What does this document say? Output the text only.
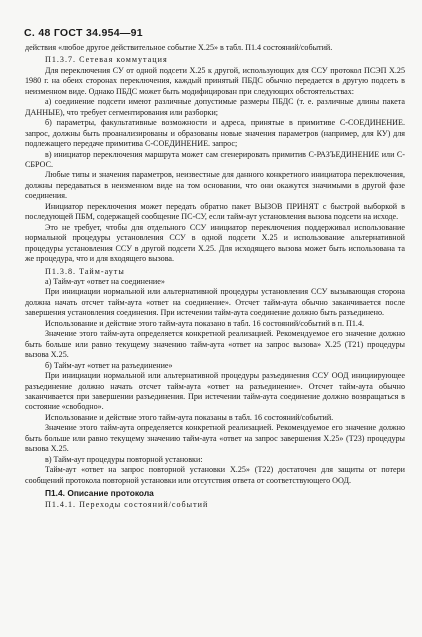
С. 48 ГОСТ 34.954—91

действия «любое другое действительное событие X.25» в табл. П1.4 состояний/событий.

П1.3.7. Сетевая коммутация

Для переключения СУ от одной подсети X.25 к другой, использующих для ССУ протокол ПСЭП X.25 1980 г. на обеих сторонах переключения, каждый принятый ПБДС обычно передается в другую подсеть в неизменном виде. Однако ПБДС может быть модифицирован при следующих обстоятельствах:

а) соединение подсети имеют различные допустимые размеры ПБДС (т. е. различные длины пакета ДАННЫЕ), что требует сегментирования или разборки;

б) параметры, факультативные возможности и адреса, принятые в примитиве С-СОЕДИНЕНИЕ. запрос, должны быть проанализированы и образованы новые значения параметров (например, для КУ) для подлежащего передаче примитива С-СОЕДИНЕНИЕ. запрос;

в) инициатор переключения маршрута может сам сгенерировать примитив С-РАЗЪЕДИНЕНИЕ или С-СБРОС.

Любые типы и значения параметров, неизвестные для данного конкретного инициатора переключения, должны передаваться в неизменном виде на том основании, что они окажутся значимыми в другой фазе соединения.

Инициатор переключения может передать обратно пакет ВЫЗОВ ПРИНЯТ с быстрой выборкой в последующей ПБМ, содержащей сообщение ПС-СУ, если тайм-аут установления вызова подсети на исходе.

Это не требует, чтобы для отдельного ССУ инициатор переключения поддерживал использование нормальной процедуры установления ССУ в одной подсети X.25 и использование альтернативной процедуры установления ССУ в другой подсети X.25. Для исходящего вызова может быть использована та же процедура, что и для входящего вызова.

П1.3.8. Тайм-ауты

а) Тайм-аут «ответ на соединение»

При инициации нормальной или альтернативной процедуры установления ССУ вызывающая сторона должна начать отсчет тайм-аута «ответ на соединение». Отсчет тайм-аута обычно заканчивается после завершения установления соединения. При истечении тайм-аута соединение должно быть разъединено.

Использование и действие этого тайм-аута показано в табл. 16 состояний/событий в п. П1.4.

Значение этого тайм-аута определяется конкретной реализацией. Рекомендуемое его значение должно быть больше или равно текущему значению тайм-аута «ответ на запрос вызова» X.25 (T21) процедуры вызова X.25.

б) Тайм-аут «ответ на разъединение»

При инициации нормальной или альтернативной процедуры разъединения ССУ ООД инициирующее разъединение должно начать отсчет тайм-аута «ответ на разъединение». Отсчет тайм-аута обычно заканчивается при завершении разъединения. При истечении тайм-аута соединение должно возвращаться в состояние «свободно».

Использование и действие этого тайм-аута показаны в табл. 16 состояний/событий.

Значение этого тайм-аута определяется конкретной реализацией. Рекомендуемое его значение должно быть больше или равно текущему значению тайм-аута «ответ на запрос завершения X.25» (T23) процедуры вызова X.25.

в) Тайм-аут процедуры повторной установки:

Тайм-аут «ответ на запрос повторной установки X.25» (T22) достаточен для защиты от потери сообщений протокола повторной установки или отсутствия ответа от соответствующего ООД.

П1.4. Описание протокола

П1.4.1. Переходы состояний/событий
